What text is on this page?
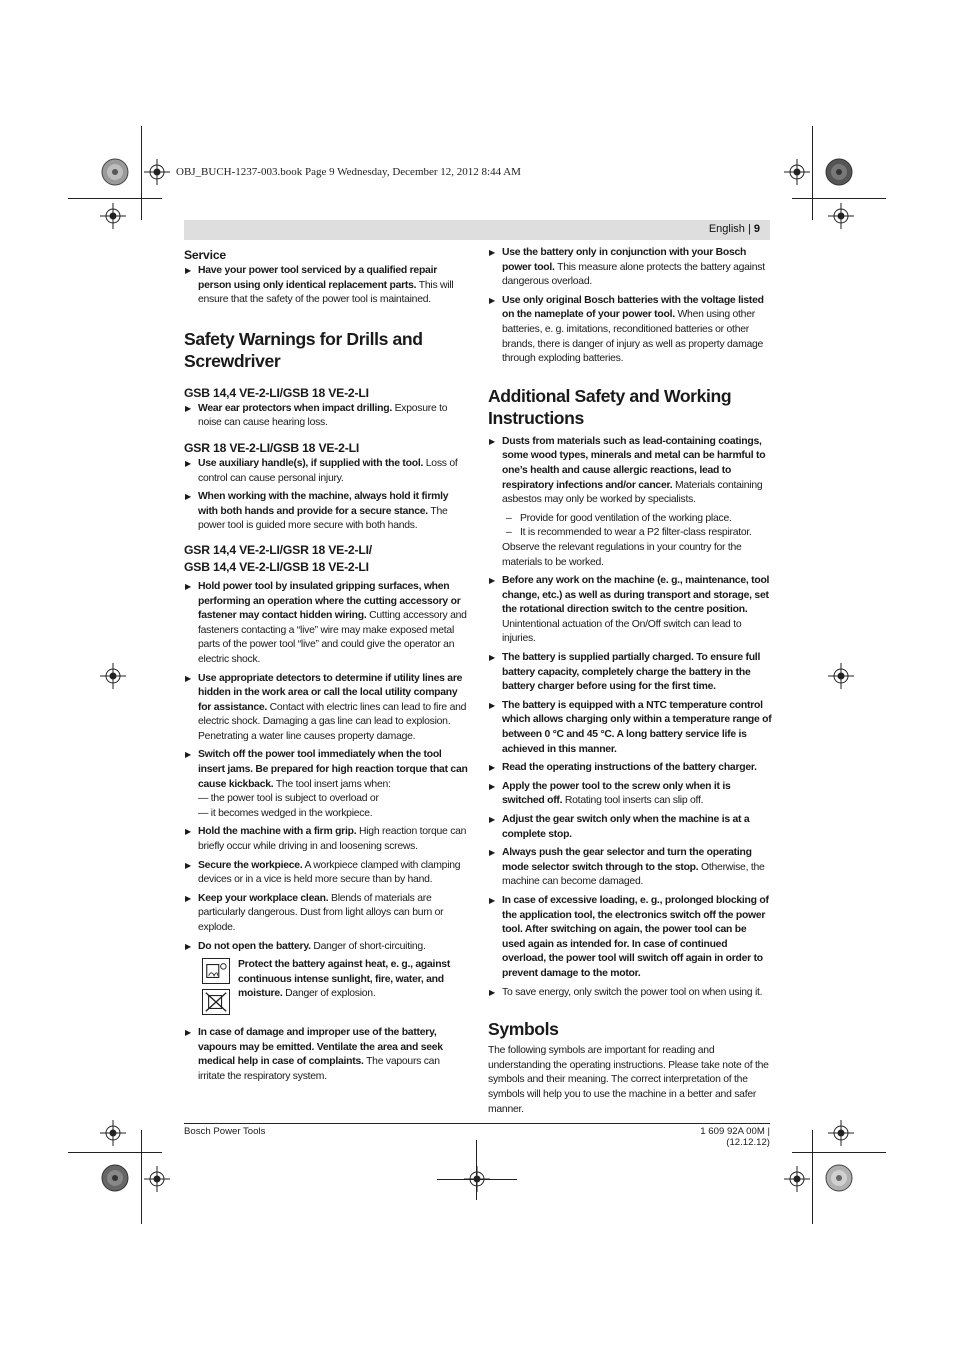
OBJ_BUCH-1237-003.book Page 9 Wednesday, December 12, 2012 8:44 AM
English | 9
Service
▶ Have your power tool serviced by a qualified repair person using only identical replacement parts. This will ensure that the safety of the power tool is maintained.
Safety Warnings for Drills and Screwdriver
GSB 14,4 VE-2-LI/GSB 18 VE-2-LI
▶ Wear ear protectors when impact drilling. Exposure to noise can cause hearing loss.
GSR 18 VE-2-LI/GSB 18 VE-2-LI
▶ Use auxiliary handle(s), if supplied with the tool. Loss of control can cause personal injury.
▶ When working with the machine, always hold it firmly with both hands and provide for a secure stance. The power tool is guided more secure with both hands.
GSR 14,4 VE-2-LI/GSR 18 VE-2-LI/
GSB 14,4 VE-2-LI/GSB 18 VE-2-LI
▶ Hold power tool by insulated gripping surfaces, when performing an operation where the cutting accessory or fastener may contact hidden wiring. Cutting accessory and fasteners contacting a “live” wire may make exposed metal parts of the power tool “live” and could give the operator an electric shock.
▶ Use appropriate detectors to determine if utility lines are hidden in the work area or call the local utility company for assistance. Contact with electric lines can lead to fire and electric shock. Damaging a gas line can lead to explosion. Penetrating a water line causes property damage.
▶ Switch off the power tool immediately when the tool insert jams. Be prepared for high reaction torque that can cause kickback. The tool insert jams when:

— the power tool is subject to overload or

— it becomes wedged in the workpiece.

▶ Hold the machine with a firm grip. High reaction torque can briefly occur while driving in and loosening screws.
▶ Secure the workpiece. A workpiece clamped with clamping devices or in a vice is held more secure than by hand.
▶ Keep your workplace clean. Blends of materials are particularly dangerous. Dust from light alloys can burn or explode.
▶ Do not open the battery. Danger of short-circuiting.

Protect the battery against heat, e. g., against continuous intense sunlight, fire, water, and moisture. Danger of explosion.

▶ In case of damage and improper use of the battery, vapours may be emitted. Ventilate the area and seek medical help in case of complaints. The vapours can irritate the respiratory system.
▶ Use the battery only in conjunction with your Bosch power tool. This measure alone protects the battery against dangerous overload.
▶ Use only original Bosch batteries with the voltage listed on the nameplate of your power tool. When using other batteries, e. g. imitations, reconditioned batteries or other brands, there is danger of injury as well as property damage through exploding batteries.
Additional Safety and Working Instructions
▶ Dusts from materials such as lead-containing coatings, some wood types, minerals and metal can be harmful to one’s health and cause allergic reactions, lead to respiratory infections and/or cancer. Materials containing asbestos may only be worked by specialists.

– Provide for good ventilation of the working place.

– It is recommended to wear a P2 filter-class respirator.

Observe the relevant regulations in your country for the materials to be worked.

▶ Before any work on the machine (e. g., maintenance, tool change, etc.) as well as during transport and storage, set the rotational direction switch to the centre position. Unintentional actuation of the On/Off switch can lead to injuries.
▶ The battery is supplied partially charged. To ensure full battery capacity, completely charge the battery in the battery charger before using for the first time.
▶ The battery is equipped with a NTC temperature control which allows charging only within a temperature range of between 0 °C and 45 °C. A long battery service life is achieved in this manner.
▶ Read the operating instructions of the battery charger.
▶ Apply the power tool to the screw only when it is switched off. Rotating tool inserts can slip off.
▶ Adjust the gear switch only when the machine is at a complete stop.
▶ Always push the gear selector and turn the operating mode selector switch through to the stop. Otherwise, the machine can become damaged.
▶ In case of excessive loading, e. g., prolonged blocking of the application tool, the electronics switch off the power tool. After switching on again, the power tool can be used again as intended for. In case of continued overload, the power tool will switch off again in order to prevent damage to the motor.
▶ To save energy, only switch the power tool on when using it.
Symbols

The following symbols are important for reading and understanding the operating instructions. Please take note of the symbols and their meaning. The correct interpretation of the symbols will help you to use the machine in a better and safer manner.

Bosch Power Tools	1 609 92A 00M | (12.12.12)
